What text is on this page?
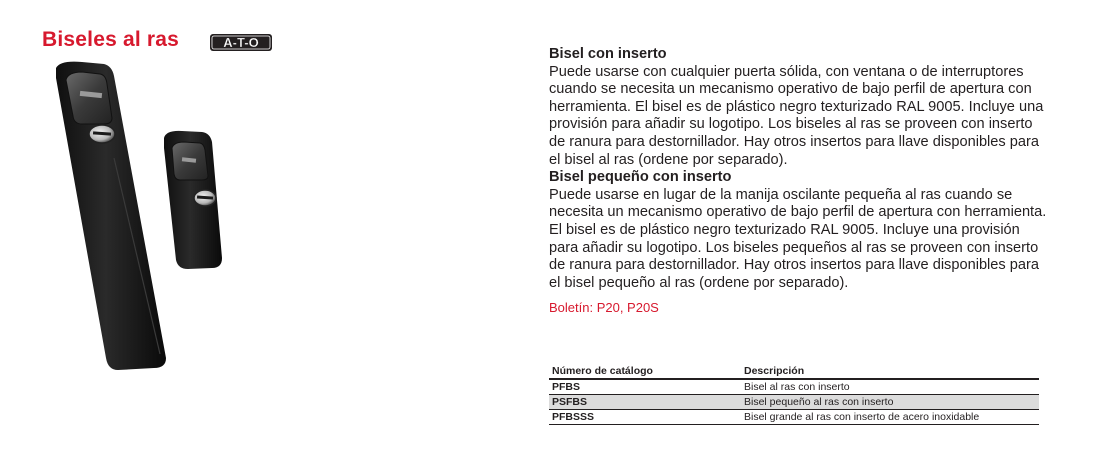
Biseles al ras	A-T-O
Bisel con inserto

Puede usarse con cualquier puerta sólida, con ventana o de interruptores cuando se necesita un mecanismo operativo de bajo perfil de apertura con herramienta. El bisel es de plástico negro texturizado RAL 9005. Incluye una provisión para añadir su logotipo. Los biseles al ras se proveen con inserto de ranura para destornillador. Hay otros insertos para llave disponibles para el bisel al ras (ordene por separado).

Bisel pequeño con inserto

Puede usarse en lugar de la manija oscilante pequeña al ras cuando se necesita un mecanismo operativo de bajo perfil de apertura con herramienta. El bisel es de plástico negro texturizado RAL 9005. Incluye una provisión para añadir su logotipo. Los biseles pequeños al ras se proveen con inserto de ranura para destornillador. Hay otros insertos para llave disponibles para el bisel pequeño al ras (ordene por separado).

Boletín: P20, P20S
Número de catálogo	Descripción
PFBS	Bisel al ras con inserto
PSFBS	Bisel pequeño al ras con inserto
PFBSSS	Bisel grande al ras con inserto de acero inoxidable
